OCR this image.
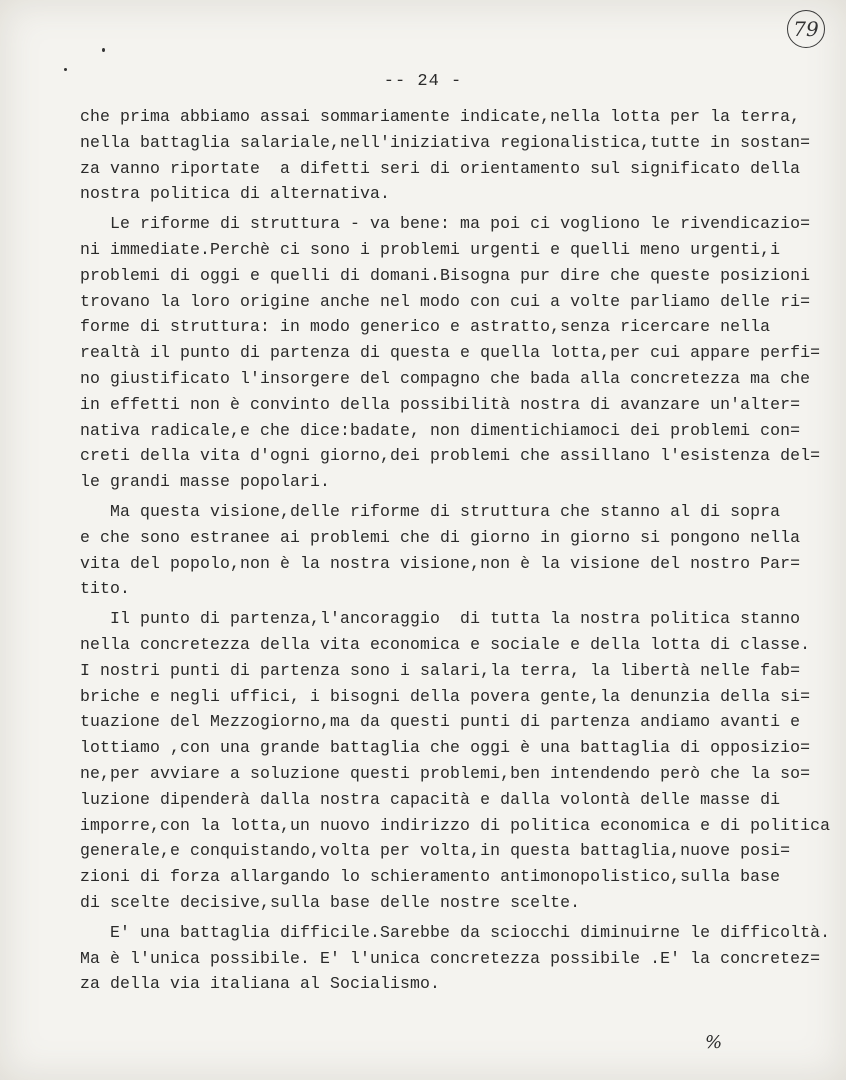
79
-- 24 -
che prima abbiamo assai sommariamente indicate,nella lotta per la terra,
nella battaglia salariale,nell'iniziativa regionalistica,tutte in sostan=
za vanno riportate  a difetti seri di orientamento sul significato della
nostra politica di alternativa.
Le riforme di struttura - va bene: ma poi ci vogliono le rivendicazio=
ni immediate.Perchè ci sono i problemi urgenti e quelli meno urgenti,i
problemi di oggi e quelli di domani.Bisogna pur dire che queste posizioni
trovano la loro origine anche nel modo con cui a volte parliamo delle ri=
forme di struttura: in modo generico e astratto,senza ricercare nella
realtà il punto di partenza di questa e quella lotta,per cui appare perfi=
no giustificato l'insorgere del compagno che bada alla concretezza ma che
in effetti non è convinto della possibilità nostra di avanzare un'alter=
nativa radicale,e che dice:badate, non dimentichiamoci dei problemi con=
creti della vita d'ogni giorno,dei problemi che assillano l'esistenza del=
le grandi masse popolari.
Ma questa visione,delle riforme di struttura che stanno al di sopra
e che sono estranee ai problemi che di giorno in giorno si pongono nella
vita del popolo,non è la nostra visione,non è la visione del nostro Par=
tito.
Il punto di partenza,l'ancoraggio  di tutta la nostra politica stanno
nella concretezza della vita economica e sociale e della lotta di classe.
I nostri punti di partenza sono i salari,la terra, la libertà nelle fab=
briche e negli uffici, i bisogni della povera gente,la denunzia della si=
tuazione del Mezzogiorno,ma da questi punti di partenza andiamo avanti e
lottiamo ,con una grande battaglia che oggi è una battaglia di opposizio=
ne,per avviare a soluzione questi problemi,ben intendendo però che la so=
luzione dipenderà dalla nostra capacità e dalla volontà delle masse di
imporre,con la lotta,un nuovo indirizzo di politica economica e di politica
generale,e conquistando,volta per volta,in questa battaglia,nuove posi=
zioni di forza allargando lo schieramento antimonopolistico,sulla base
di scelte decisive,sulla base delle nostre scelte.
E' una battaglia difficile.Sarebbe da sciocchi diminuirne le difficoltà.
Ma è l'unica possibile. E' l'unica concretezza possibile .E' la concretez=
za della via italiana al Socialismo.
%
